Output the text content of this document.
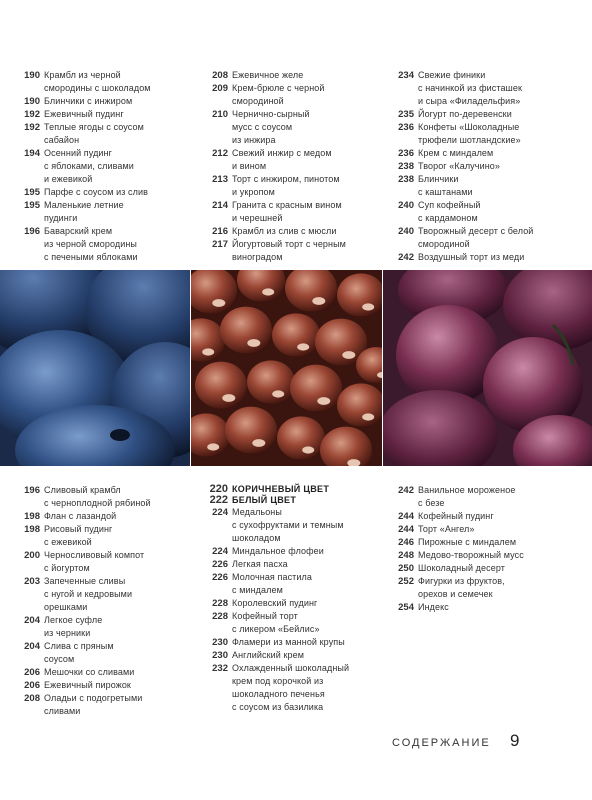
190 Крамбл из черной
смородины с шоколадом
190 Блинчики с инжиром
192 Ежевичный пудинг
192 Теплые ягоды с соусом
сабайон
194 Осенний пудинг
с яблоками, сливами
и ежевикой
195 Парфе с соусом из слив
195 Маленькие летние
пудинги
196 Баварский крем
из черной смородины
с печеными яблоками
208 Ежевичное желе
209 Крем-брюле с черной
смородиной
210 Чернично-сырный
мусс с соусом
из инжира
212 Свежий инжир с медом
и вином
213 Торт с инжиром, пинотом
и укропом
214 Гранита с красным вином
и черешней
216 Крамбл из слив с мюсли
217 Йогуртовый торт с черным
виноградом
234 Свежие финики
с начинкой из фисташек
и сыра «Филадельфия»
235 Йогурт по-деревенски
236 Конфеты «Шоколадные
трюфели шотландские»
236 Крем с миндалем
238 Творог «Калучино»
238 Блинчики
с каштанами
240 Суп кофейный
с кардамоном
240 Творожный десерт с белой
смородиной
242 Воздушный торт из меди
196 Сливовый крамбл
с черноплодной рябиной
198 Флан с лазандой
198 Рисовый пудинг
с ежевикой
200 Черносливовый компот
с йогуртом
203 Запеченные сливы
с нугой и кедровыми
орешками
204 Легкое суфле
из черники
204 Слива с пряным
соусом
206 Мешочки со сливами
206 Ежевичный пирожок
208 Оладьи с подогретыми
сливами
220 КОРИЧНЕВЫЙ ЦВЕТ
222 БЕЛЫЙ ЦВЕТ
224 Медальоны
с сухофруктами и темным
шоколадом
224 Миндальное флофеи
226 Легкая пасха
226 Молочная пастила
с миндалем
228 Королевский пудинг
228 Кофейный торт
с ликером «Бейлис»
230 Фламери из манной крупы
230 Английский крем
232 Охлажденный шоколадный
крем под корочкой из
шоколадного печенья
с соусом из базилика
242 Ванильное мороженое
с безе
244 Кофейный пудинг
244 Торт «Ангел»
246 Пирожные с миндалем
248 Медово-творожный мусс
250 Шоколадный десерт
252 Фигурки из фруктов,
орехов и семечек
254 Индекс
СОДЕРЖАНИЕ 9
